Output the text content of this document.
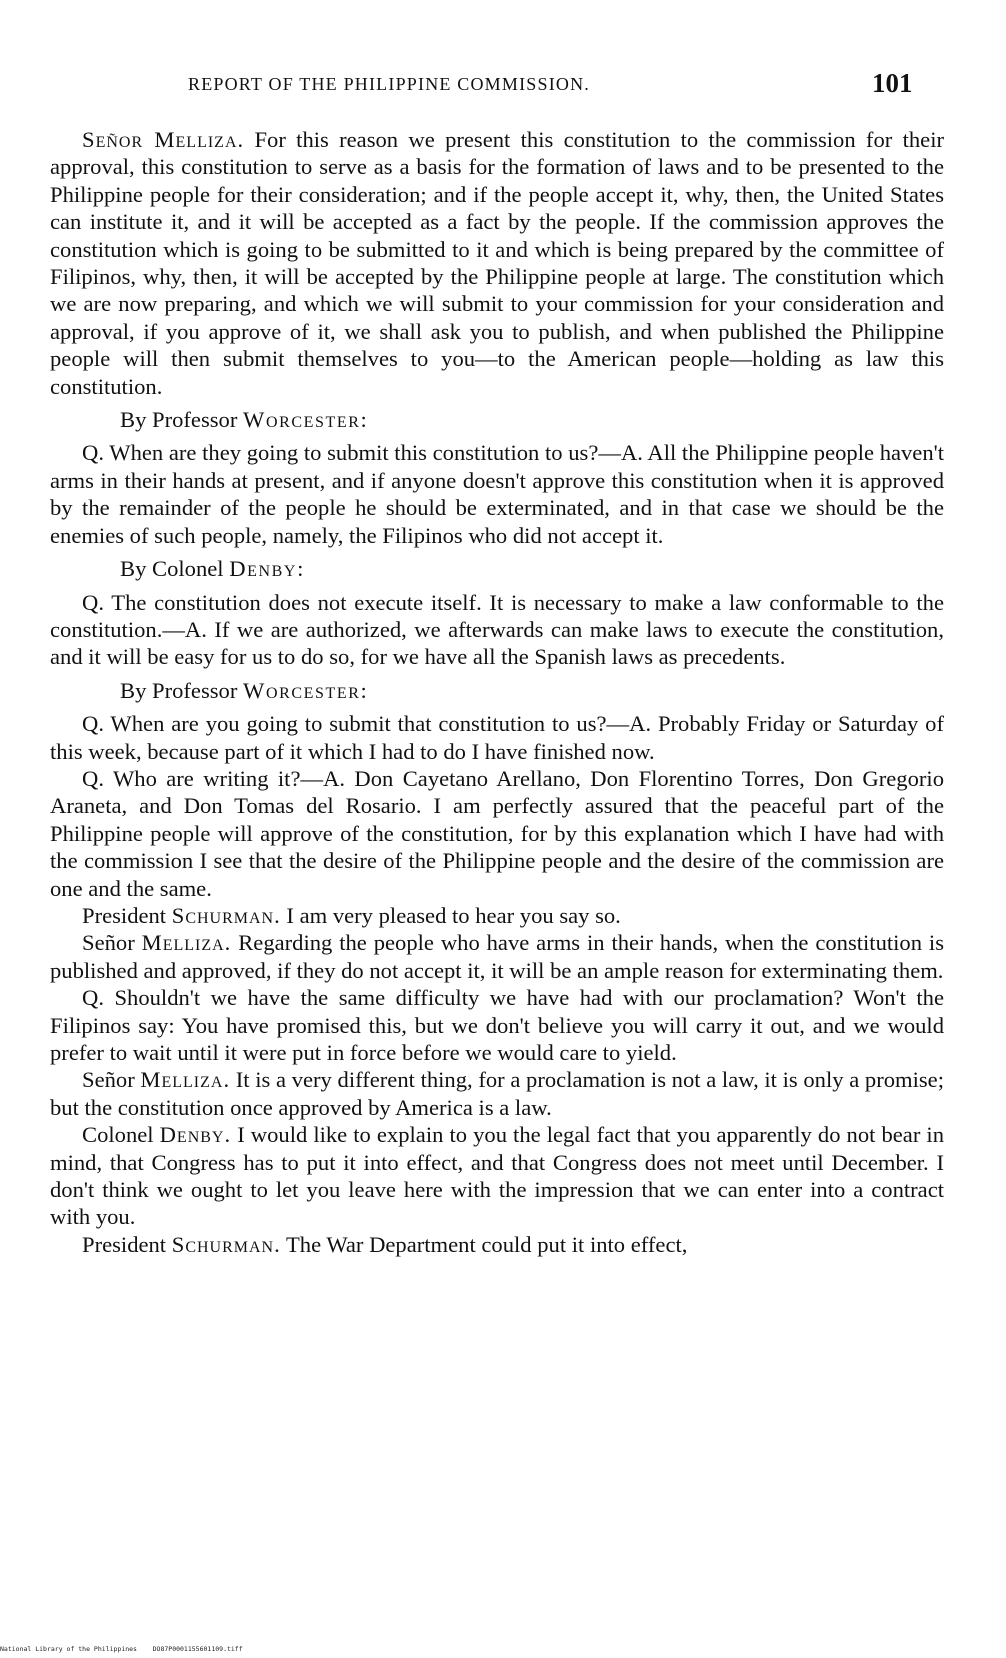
REPORT OF THE PHILIPPINE COMMISSION.	101

Señor Melliza. For this reason we present this constitution to the commission for their approval, this constitution to serve as a basis for the formation of laws and to be presented to the Philippine people for their consideration; and if the people accept it, why, then, the United States can institute it, and it will be accepted as a fact by the people. If the commission approves the constitution which is going to be submitted to it and which is being prepared by the committee of Filipinos, why, then, it will be accepted by the Philippine people at large. The constitution which we are now preparing, and which we will submit to your commission for your consideration and approval, if you approve of it, we shall ask you to publish, and when published the Philippine people will then submit themselves to you—to the American people—holding as law this constitution.

By Professor Worcester:

Q. When are they going to submit this constitution to us?—A. All the Philippine people haven't arms in their hands at present, and if anyone doesn't approve this constitution when it is approved by the remainder of the people he should be exterminated, and in that case we should be the enemies of such people, namely, the Filipinos who did not accept it.

By Colonel Denby:

Q. The constitution does not execute itself. It is necessary to make a law conformable to the constitution.—A. If we are authorized, we afterwards can make laws to execute the constitution, and it will be easy for us to do so, for we have all the Spanish laws as precedents.

By Professor Worcester:

Q. When are you going to submit that constitution to us?—A. Probably Friday or Saturday of this week, because part of it which I had to do I have finished now.

Q. Who are writing it?—A. Don Cayetano Arellano, Don Florentino Torres, Don Gregorio Araneta, and Don Tomas del Rosario. I am perfectly assured that the peaceful part of the Philippine people will approve of the constitution, for by this explanation which I have had with the commission I see that the desire of the Philippine people and the desire of the commission are one and the same.

President Schurman. I am very pleased to hear you say so.

Señor Melliza. Regarding the people who have arms in their hands, when the constitution is published and approved, if they do not accept it, it will be an ample reason for exterminating them.

Q. Shouldn't we have the same difficulty we have had with our proclamation? Won't the Filipinos say: You have promised this, but we don't believe you will carry it out, and we would prefer to wait until it were put in force before we would care to yield.

Señor Melliza. It is a very different thing, for a proclamation is not a law, it is only a promise; but the constitution once approved by America is a law.

Colonel Denby. I would like to explain to you the legal fact that you apparently do not bear in mind, that Congress has to put it into effect, and that Congress does not meet until December. I don't think we ought to let you leave here with the impression that we can enter into a contract with you.

President Schurman. The War Department could put it into effect,

National Library of the Philippines DO87P0001155601109.tiff
